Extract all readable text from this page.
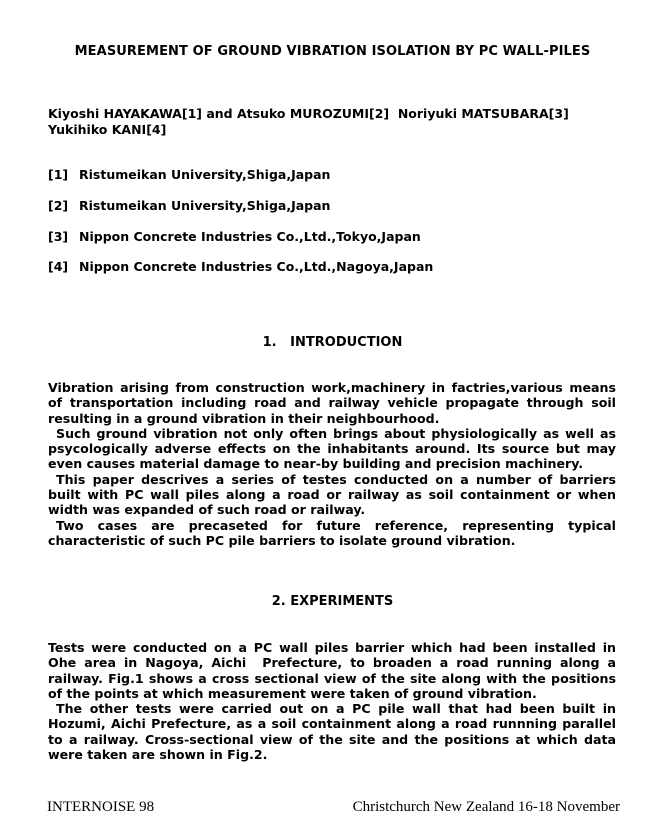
MEASUREMENT OF GROUND VIBRATION ISOLATION BY PC WALL-PILES
Kiyoshi HAYAKAWA[1] and Atsuko MUROZUMI[2]  Noriyuki MATSUBARA[3]
Yukihiko KANI[4]
[1] Ristumeikan University,Shiga,Japan
[2] Ristumeikan University,Shiga,Japan
[3] Nippon Concrete Industries Co.,Ltd.,Tokyo,Japan
[4] Nippon Concrete Industries Co.,Ltd.,Nagoya,Japan
1.   INTRODUCTION

Vibration arising from construction work,machinery in factries,various means of transportation including road and railway vehicle propagate through soil resulting in a ground vibration in their neighbourhood.

Such ground vibration not only often brings about physiologically as well as psycologically adverse effects on the inhabitants around. Its source but may even causes material damage to near-by building and precision machinery.

This paper descrives a series of testes conducted on a number of barriers built with PC wall piles along a road or railway as soil containment or when width was expanded of such road or railway.

Two cases are precaseted for future reference, representing typical characteristic of such PC pile barriers to isolate ground vibration.

2. EXPERIMENTS

Tests were conducted on a PC wall piles barrier which had been installed in Ohe area in Nagoya, Aichi  Prefecture, to broaden a road running along a railway. Fig.1 shows a cross sectional view of the site along with the positions of the points at which measurement were taken of ground vibration.

The other tests were carried out on a PC pile wall that had been built in Hozumi, Aichi Prefecture, as a soil containment along a road runnning parallel to a railway. Cross-sectional view of the site and the positions at which data were taken are shown in Fig.2.

INTERNOISE 98	Christchurch New Zealand 16-18 November
